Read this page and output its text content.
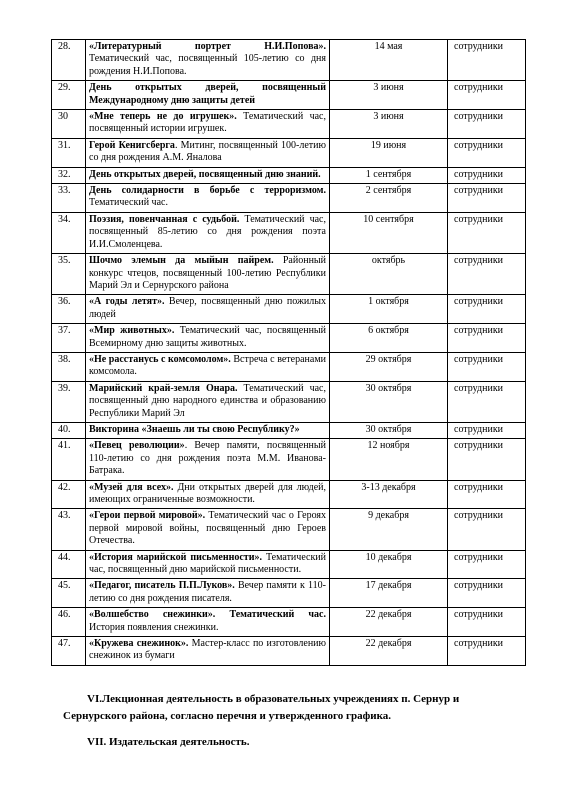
28.	«Литературный портрет Н.И.Попова». Тематический час, посвященный 105-летию со дня рождения Н.И.Попова.	14 мая	сотрудники
29.	День открытых дверей, посвященный Международному дню защиты детей	3 июня	сотрудники
30	«Мне теперь не до игрушек». Тематический час, посвященный истории игрушек.	3 июня	сотрудники
31.	Герой Кенигсберга. Митинг, посвященный 100-летию со дня рождения А.М. Яналова	19 июня	сотрудники
32.	День открытых дверей, посвященный дню знаний.	1 сентября	сотрудники
33.	День солидарности в борьбе с терроризмом. Тематический час.	2 сентября	сотрудники
34.	Поэзия, повенчанная с судьбой. Тематический час, посвященный 85-летию со дня рождения поэта И.И.Смоленцева.	10 сентября	сотрудники
35.	Шочмо элемын да мыйын пайрем. Районный конкурс чтецов, посвященный 100-летию Республики Марий Эл и Сернурского района	октябрь	сотрудники
36.	«А годы летят». Вечер, посвященный дню пожилых людей	1 октября	сотрудники
37.	«Мир животных». Тематический час, посвященный Всемирному дню защиты животных.	6 октября	сотрудники
38.	«Не расстанусь с комсомолом». Встреча с ветеранами комсомола.	29 октября	сотрудники
39.	Марийский край-земля Онара. Тематический час, посвященный дню народного единства и образованию Республики Марий Эл	30 октября	сотрудники
40.	Викторина «Знаешь ли ты свою Республику?»	30 октября	сотрудники
41.	«Певец революции». Вечер памяти, посвященный 110-летию со дня рождения поэта М.М. Иванова-Батрака.	12 ноября	сотрудники
42.	«Музей для всех». Дни открытых дверей для людей, имеющих ограниченные возможности.	3-13 декабря	сотрудники
43.	«Герои первой мировой». Тематический час о Героях первой мировой войны, посвященный дню Героев Отечества.	9 декабря	сотрудники
44.	«История марийской письменности». Тематический час, посвященный дню марийской письменности.	10 декабря	сотрудники
45.	«Педагог, писатель П.П.Луков». Вечер памяти к 110- летию со дня рождения писателя.	17 декабря	сотрудники
46.	«Волшебство снежинки». Тематический час. История появления снежинки.	22 декабря	сотрудники
47.	«Кружева снежинок». Мастер-класс по изготовлению снежинок из бумаги	22 декабря	сотрудники

VI.Лекционная деятельность в образовательных учреждениях п. Сернур и

Сернурского района, согласно перечня и утвержденного графика.

VII. Издательская деятельность.
